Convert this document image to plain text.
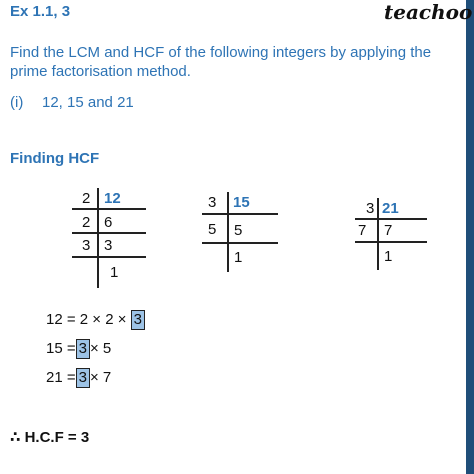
Ex 1.1, 3	teachoo
Find the LCM and HCF of the following integers by applying the
prime factorisation method.
(i) 12, 15 and 21
Finding HCF
2 12
2 6
3 3
1
3 15
5 5
1
3 21
7 7
1
12 = 2 × 2 × 3
15 = 3 × 5
21 = 3 × 7
∴ H.C.F = 3
